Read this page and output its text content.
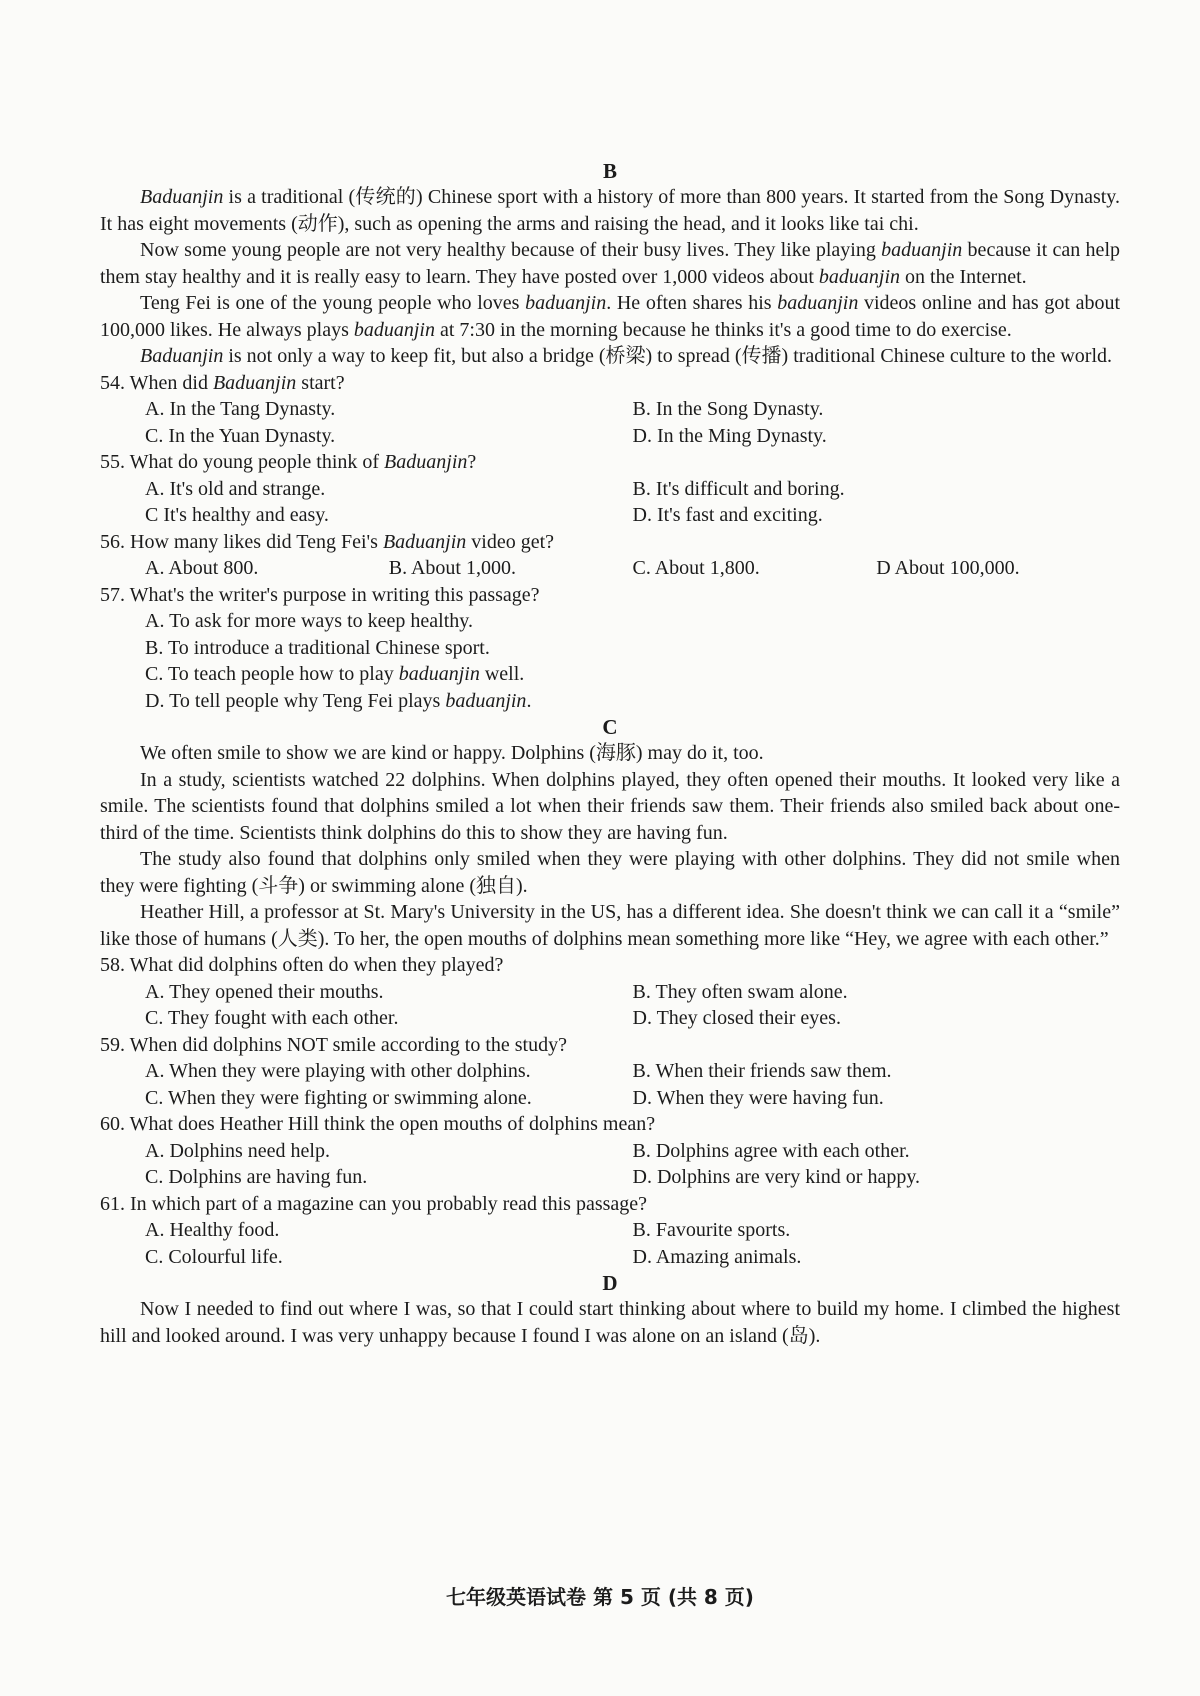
B

Baduanjin is a traditional (传统的) Chinese sport with a history of more than 800 years. It started from the Song Dynasty. It has eight movements (动作), such as opening the arms and raising the head, and it looks like tai chi.

Now some young people are not very healthy because of their busy lives. They like playing baduanjin because it can help them stay healthy and it is really easy to learn. They have posted over 1,000 videos about baduanjin on the Internet.

Teng Fei is one of the young people who loves baduanjin. He often shares his baduanjin videos online and has got about 100,000 likes. He always plays baduanjin at 7:30 in the morning because he thinks it's a good time to do exercise.

Baduanjin is not only a way to keep fit, but also a bridge (桥梁) to spread (传播) traditional Chinese culture to the world.

54. When did Baduanjin start?
A. In the Tang Dynasty.	B. In the Song Dynasty.
C. In the Yuan Dynasty.	D. In the Ming Dynasty.
55. What do young people think of Baduanjin?
A. It's old and strange.	B. It's difficult and boring.
C It's healthy and easy.	D. It's fast and exciting.
56. How many likes did Teng Fei's Baduanjin video get?
A. About 800.	B. About 1,000.	C. About 1,800.	D About 100,000.
57. What's the writer's purpose in writing this passage?
A. To ask for more ways to keep healthy.
B. To introduce a traditional Chinese sport.
C. To teach people how to play baduanjin well.
D. To tell people why Teng Fei plays baduanjin.
C

We often smile to show we are kind or happy. Dolphins (海豚) may do it, too.

In a study, scientists watched 22 dolphins. When dolphins played, they often opened their mouths. It looked very like a smile. The scientists found that dolphins smiled a lot when their friends saw them. Their friends also smiled back about one-third of the time. Scientists think dolphins do this to show they are having fun.

The study also found that dolphins only smiled when they were playing with other dolphins. They did not smile when they were fighting (斗争) or swimming alone (独自).

Heather Hill, a professor at St. Mary's University in the US, has a different idea. She doesn't think we can call it a “smile” like those of humans (人类). To her, the open mouths of dolphins mean something more like “Hey, we agree with each other.”

58. What did dolphins often do when they played?
A. They opened their mouths.	B. They often swam alone.
C. They fought with each other.	D. They closed their eyes.
59. When did dolphins NOT smile according to the study?
A. When they were playing with other dolphins.	B. When their friends saw them.
C. When they were fighting or swimming alone.	D. When they were having fun.
60. What does Heather Hill think the open mouths of dolphins mean?
A. Dolphins need help.	B. Dolphins agree with each other.
C. Dolphins are having fun.	D. Dolphins are very kind or happy.
61. In which part of a magazine can you probably read this passage?
A. Healthy food.	B. Favourite sports.
C. Colourful life.	D. Amazing animals.
D

Now I needed to find out where I was, so that I could start thinking about where to build my home. I climbed the highest hill and looked around. I was very unhappy because I found I was alone on an island (岛).

七年级英语试卷 第 5 页 (共 8 页)
